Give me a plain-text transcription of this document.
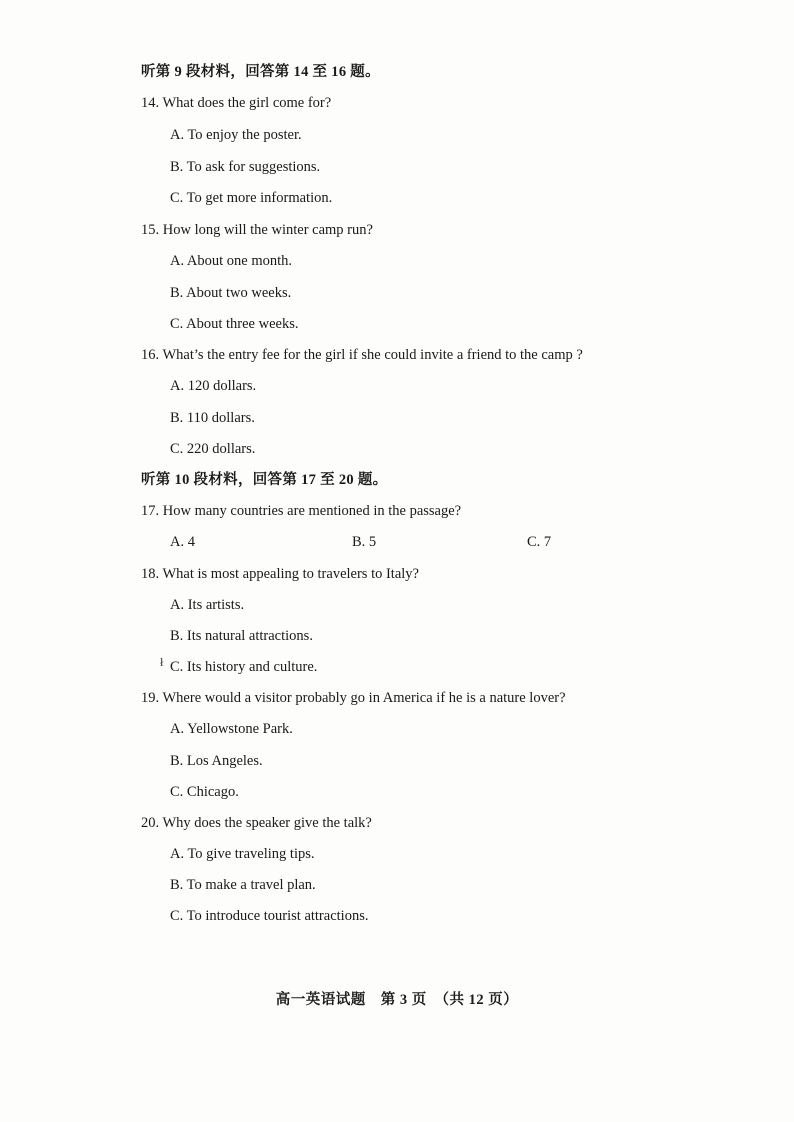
听第 9 段材料，回答第 14 至 16 题。
14. What does the girl come for?
A. To enjoy the poster.
B. To ask for suggestions.
C. To get more information.
15. How long will the winter camp run?
A. About one month.
B. About two weeks.
C. About three weeks.
16. What’s the entry fee for the girl if she could invite a friend to the camp ?
A. 120 dollars.
B. 110 dollars.
C. 220 dollars.
听第 10 段材料，回答第 17 至 20 题。
17. How many countries are mentioned in the passage?
A. 4	B. 5	C. 7
18. What is most appealing to travelers to Italy?
A. Its artists.
B. Its natural attractions.
ł C. Its history and culture.
19. Where would a visitor probably go in America if he is a nature lover?
A. Yellowstone Park.
B. Los Angeles.
C. Chicago.
20. Why does the speaker give the talk?
A. To give traveling tips.
B. To make a travel plan.
C. To introduce tourist attractions.
高一英语试题　第 3 页　（共 12 页）
